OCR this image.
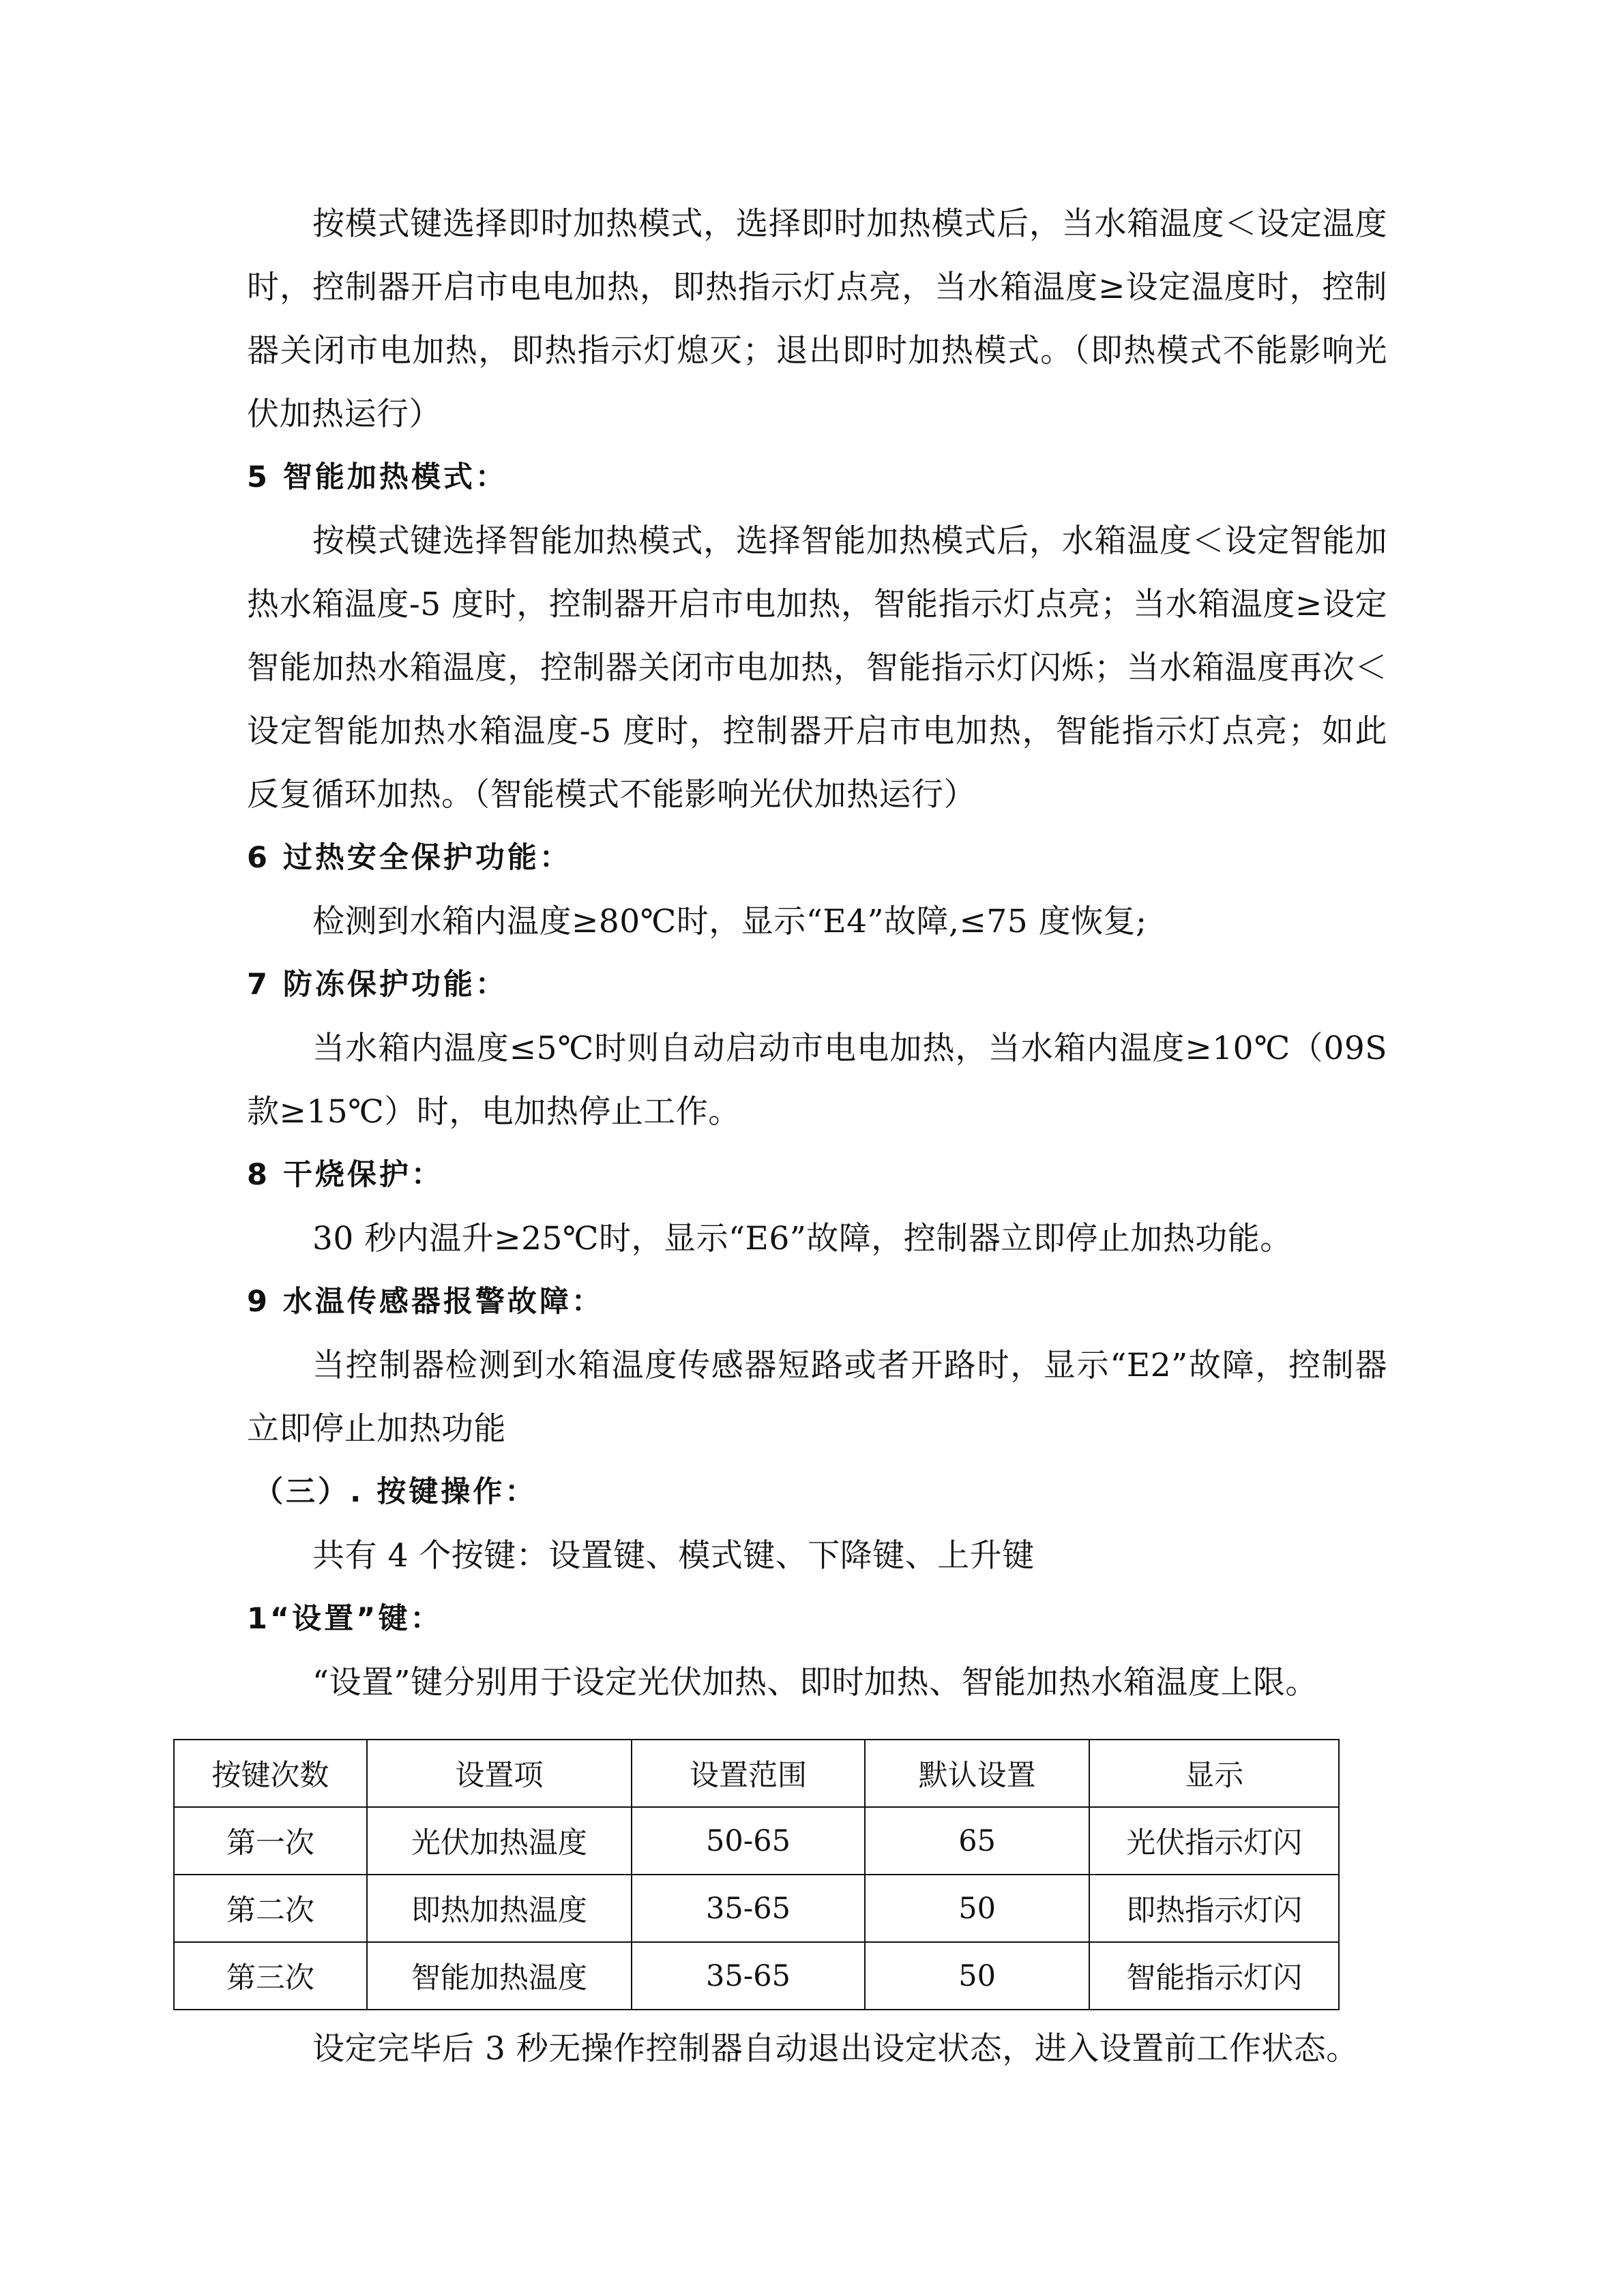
按模式键选择即时加热模式，选择即时加热模式后，当水箱温度＜设定温度时，控制器开启市电电加热，即热指示灯点亮，当水箱温度≥设定温度时，控制器关闭市电加热，即热指示灯熄灭；退出即时加热模式。（即热模式不能影响光伏加热运行）

5 智能加热模式：

按模式键选择智能加热模式，选择智能加热模式后，水箱温度＜设定智能加热水箱温度-5 度时，控制器开启市电加热，智能指示灯点亮；当水箱温度≥设定智能加热水箱温度，控制器关闭市电加热，智能指示灯闪烁；当水箱温度再次＜设定智能加热水箱温度-5 度时，控制器开启市电加热，智能指示灯点亮；如此反复循环加热。（智能模式不能影响光伏加热运行）

6 过热安全保护功能：

检测到水箱内温度≥80℃时，显示“E4”故障,≤75 度恢复;

7 防冻保护功能：

当水箱内温度≤5℃时则自动启动市电电加热，当水箱内温度≥10℃（09S 款≥15℃）时，电加热停止工作。

8 干烧保护：

30 秒内温升≥25℃时，显示“E6”故障，控制器立即停止加热功能。

9 水温传感器报警故障：

当控制器检测到水箱温度传感器短路或者开路时，显示“E2”故障，控制器立即停止加热功能

（三）. 按键操作：

共有 4 个按键：设置键、模式键、下降键、上升键

1“设置”键：

“设置”键分别用于设定光伏加热、即时加热、智能加热水箱温度上限。

按键次数	设置项	设置范围	默认设置	显示
第一次	光伏加热温度	50-65	65	光伏指示灯闪
第二次	即热加热温度	35-65	50	即热指示灯闪
第三次	智能加热温度	35-65	50	智能指示灯闪

设定完毕后 3 秒无操作控制器自动退出设定状态，进入设置前工作状态。
